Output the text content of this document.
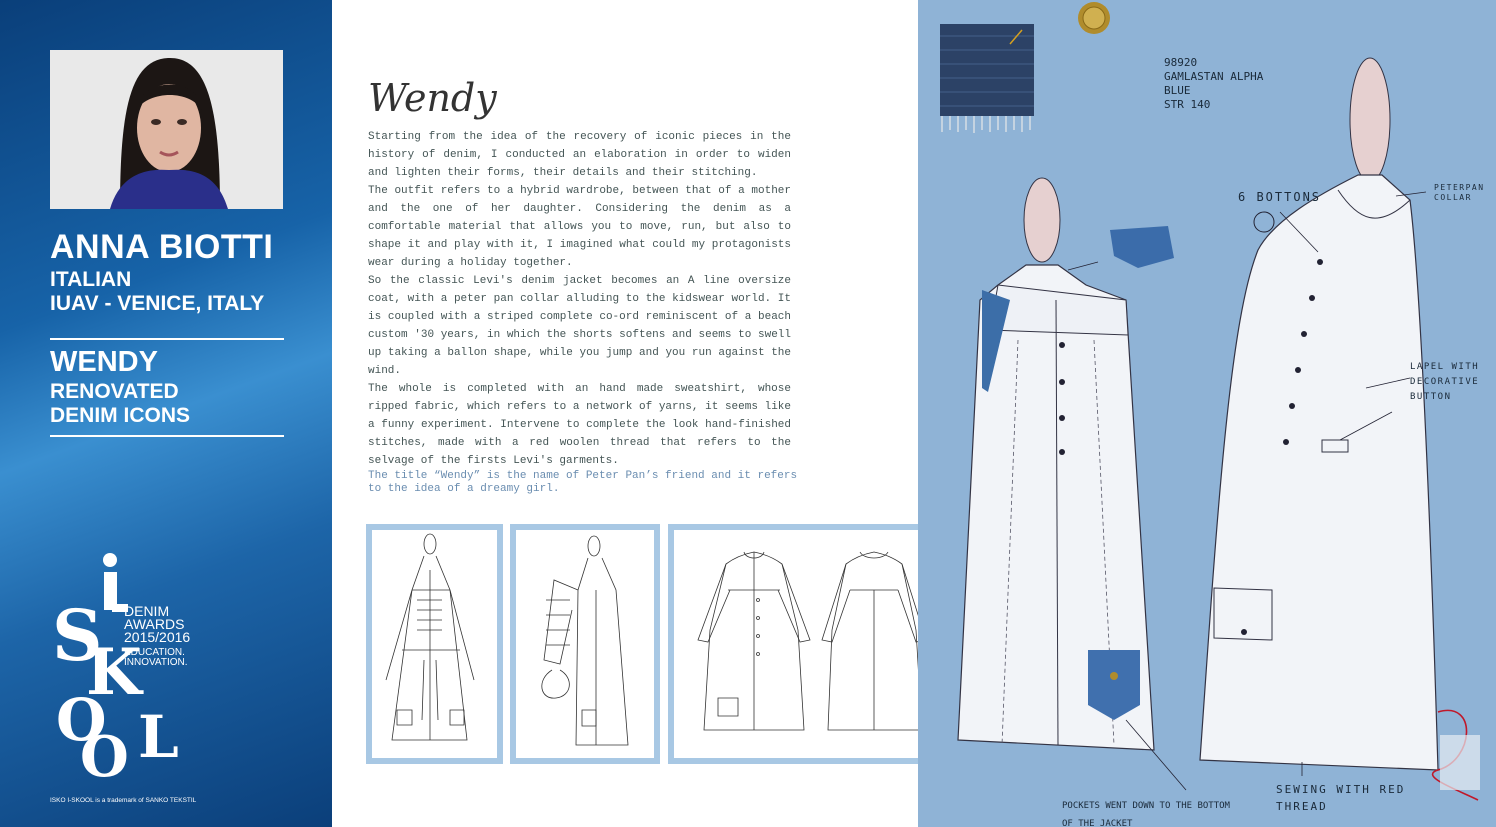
ANNA BIOTTI
ITALIAN
IUAV - VENICE, ITALY
WENDY
RENOVATED
DENIM ICONS
S
K
O
O L
DENIM
AWARDS
2015/2016
EDUCATION.
INNOVATION.
ISKO I-SKOOL is a trademark of SANKO TEKSTIL
Wendy

Starting from the idea of the recovery of iconic pieces in the history of denim, I conducted an elaboration in order to widen and lighten their forms, their details and their stitching.

The outfit refers to a hybrid wardrobe, between that of a mother and the one of her daughter. Considering the denim as a comfortable material that allows you to move, run, but also to shape it and play with it, I imagined what could my protagonists wear during a holiday together.

So the classic Levi's denim jacket becomes an A line oversize coat, with a peter pan collar alluding to the kidswear world. It is coupled with a striped complete co-ord reminiscent of a beach custom '30 years, in which the shorts softens and seems to swell up taking a ballon shape, while you jump and you run against the wind.

The whole is completed with an hand made sweatshirt, whose ripped fabric, which refers to a network of yarns, it seems like a funny experiment. Intervene to complete the look hand-finished stitches, made with a red woolen thread that refers to the selvage of the firsts Levi's garments.

The title “Wendy” is the name of Peter Pan’s friend and it refers to the idea of a dreamy girl.
98920
GAMLASTAN ALPHA
BLUE
STR 140
6 BOTTONS
PETERPAN
COLLAR
LAPEL WITH
DECORATIVE
BUTTON
POCKETS WENT DOWN TO THE BOTTOM
OF THE JACKET
SEWING WITH RED
THREAD
